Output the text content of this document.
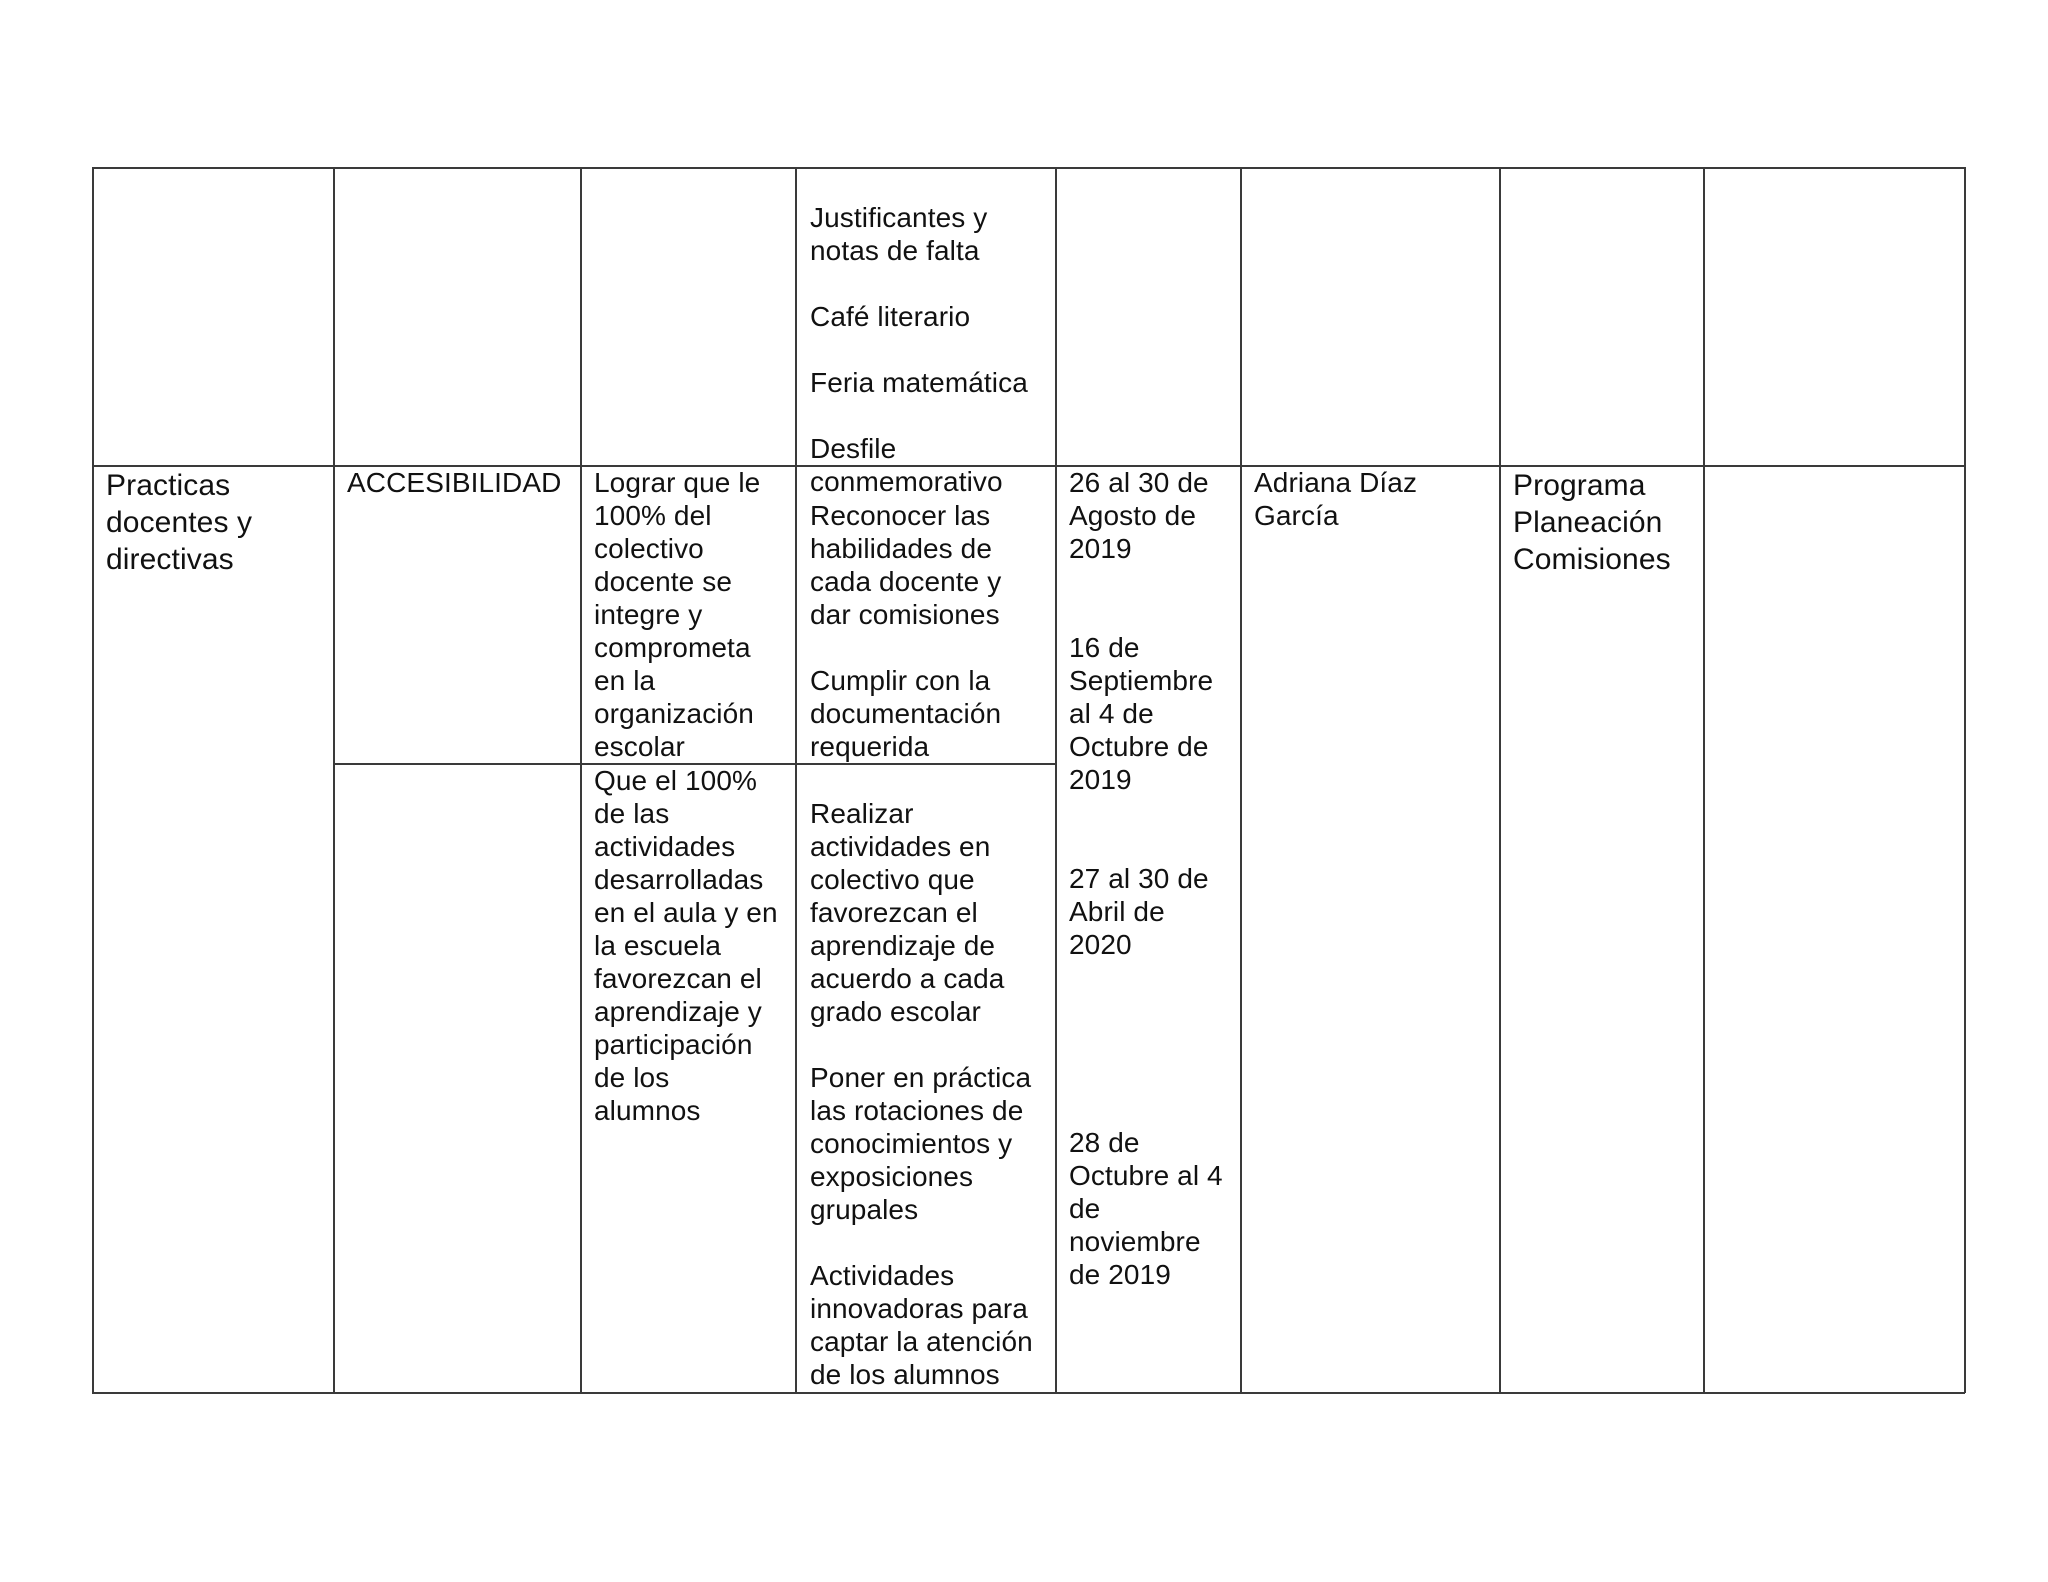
Justificantes y
notas de falta
Café literario
Feria matemática
Desfile
conmemorativo

Practicas
docentes y
directivas
ACCESIBILIDAD	Lograr que le
100% del
colectivo
docente se
integre y
comprometa
en la
organización
escolar

Reconocer las
habilidades de
cada docente y
dar comisiones
Cumplir con la
documentación
requerida

Que el 100%
de las
actividades
desarrolladas
en el aula y en
la escuela
favorezcan el
aprendizaje y
participación
de los
alumnos

Realizar
actividades en
colectivo que
favorezcan el
aprendizaje de
acuerdo a cada
grado escolar
Poner en práctica
las rotaciones de
conocimientos y
exposiciones
grupales
Actividades
innovadoras para
captar la atención
de los alumnos

26 al 30 de
Agosto de
2019
16 de
Septiembre
al 4 de
Octubre de
2019
27 al 30 de
Abril de
2020
28 de
Octubre al 4
de
noviembre
de 2019
Adriana Díaz
García
Programa
Planeación
Comisiones
